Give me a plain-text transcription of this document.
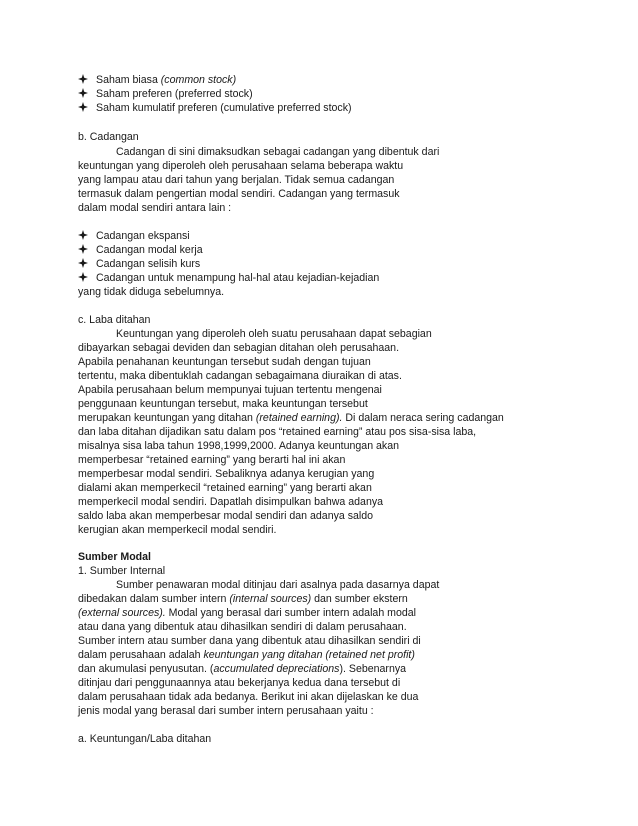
Saham biasa (common stock)
Saham preferen (preferred stock)
Saham kumulatif preferen (cumulative preferred stock)
b. Cadangan
Cadangan di sini dimaksudkan sebagai cadangan yang dibentuk dari
keuntungan yang diperoleh oleh perusahaan selama beberapa waktu
yang lampau atau dari tahun yang berjalan. Tidak semua cadangan
termasuk dalam pengertian modal sendiri. Cadangan yang termasuk
dalam modal sendiri antara lain :
Cadangan ekspansi
Cadangan modal kerja
Cadangan selisih kurs
Cadangan untuk menampung hal-hal atau kejadian-kejadian
yang tidak diduga sebelumnya.
c. Laba ditahan
Keuntungan yang diperoleh oleh suatu perusahaan dapat sebagian
dibayarkan sebagai deviden dan sebagian ditahan oleh perusahaan.
Apabila penahanan keuntungan tersebut sudah dengan tujuan
tertentu, maka dibentuklah cadangan sebagaimana diuraikan di atas.
Apabila perusahaan belum mempunyai tujuan tertentu mengenai
penggunaan keuntungan tersebut, maka keuntungan tersebut
merupakan keuntungan yang ditahan (retained earning). Di dalam neraca sering cadangan
dan laba ditahan dijadikan satu dalam pos “retained earning” atau pos sisa-sisa laba,
misalnya sisa laba tahun 1998,1999,2000. Adanya keuntungan akan
memperbesar “retained earning” yang berarti hal ini akan
memperbesar modal sendiri. Sebaliknya adanya kerugian yang
dialami akan memperkecil “retained earning” yang berarti akan
memperkecil modal sendiri. Dapatlah disimpulkan bahwa adanya
saldo laba akan memperbesar modal sendiri dan adanya saldo
kerugian akan memperkecil modal sendiri.
Sumber Modal
1. Sumber Internal
Sumber penawaran modal ditinjau dari asalnya pada dasarnya dapat
dibedakan dalam sumber intern (internal sources) dan sumber ekstern
(external sources). Modal yang berasal dari sumber intern adalah modal
atau dana yang dibentuk atau dihasilkan sendiri di dalam perusahaan.
Sumber intern atau sumber dana yang dibentuk atau dihasilkan sendiri di
dalam perusahaan adalah keuntungan yang ditahan (retained net profit)
dan akumulasi penyusutan. (accumulated depreciations). Sebenarnya
ditinjau dari penggunaannya atau bekerjanya kedua dana tersebut di
dalam perusahaan tidak ada bedanya. Berikut ini akan dijelaskan ke dua
jenis modal yang berasal dari sumber intern perusahaan yaitu :
a. Keuntungan/Laba ditahan
